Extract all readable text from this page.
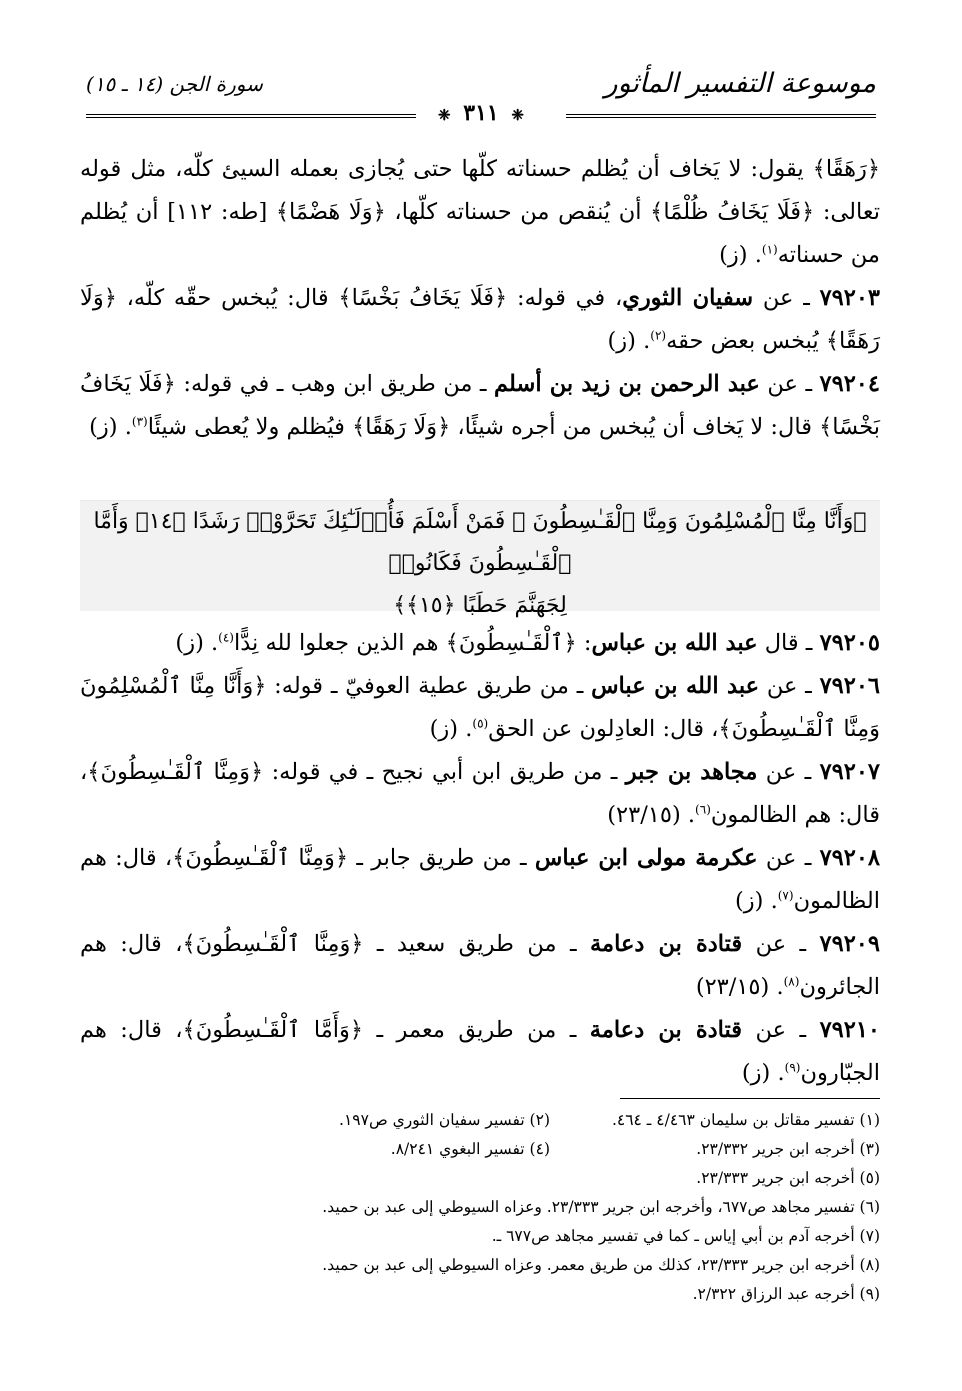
موسوعة التفسير المأثور
سورة الجن (١٤ ـ ١٥)
❈ ٣١١ ❈

﴿رَهَقًا﴾ يقول: لا يَخاف أن يُظلم حسناته كلّها حتى يُجازى بعمله السيئ كلّه، مثل قوله تعالى: ﴿فَلَا يَخَافُ ظُلْمًا﴾ أن يُنقص من حسناته كلّها، ﴿وَلَا هَضْمًا﴾ [طه: ١١٢] أن يُظلم من حسناته$^{(١)}$. (ز)

٧٩٢٠٣ ـ عن سفيان الثوري، في قوله: ﴿فَلَا يَخَافُ بَخْسًا﴾ قال: يُبخس حقّه كلّه، ﴿وَلَا رَهَقًا﴾ يُبخس بعض حقه$^{(٢)}$. (ز)

٧٩٢٠٤ ـ عن عبد الرحمن بن زيد بن أسلم ـ من طريق ابن وهب ـ في قوله: ﴿فَلَا يَخَافُ بَخْسًا﴾ قال: لا يَخاف أن يُبخس من أجره شيئًا، ﴿وَلَا رَهَقًا﴾ فيُظلم ولا يُعطى شيئًا$^{(٣)}$. (ز)

﴿وَأَنَّا مِنَّا ٱلْمُسْلِمُونَ وَمِنَّا ٱلْقَـٰسِطُونَ ۖ فَمَنْ أَسْلَمَ فَأُو۟لَـٰٓئِكَ تَحَرَّوْا۟ رَشَدًا ﴿١٤﴾ وَأَمَّا ٱلْقَـٰسِطُونَ فَكَانُوا۟
لِجَهَنَّمَ حَطَبًا ﴿١٥﴾﴾

٧٩٢٠٥ ـ قال عبد الله بن عباس: ﴿ٱلْقَـٰسِطُونَ﴾ هم الذين جعلوا لله نِدًّا$^{(٤)}$. (ز)

٧٩٢٠٦ ـ عن عبد الله بن عباس ـ من طريق عطية العوفيّ ـ قوله: ﴿وَأَنَّا مِنَّا ٱلْمُسْلِمُونَ وَمِنَّا ٱلْقَـٰسِطُونَ﴾، قال: العادِلون عن الحق$^{(٥)}$. (ز)

٧٩٢٠٧ ـ عن مجاهد بن جبر ـ من طريق ابن أبي نجيح ـ في قوله: ﴿وَمِنَّا ٱلْقَـٰسِطُونَ﴾، قال: هم الظالمون$^{(٦)}$. (٢٣/١٥)

٧٩٢٠٨ ـ عن عكرمة مولى ابن عباس ـ من طريق جابر ـ ﴿وَمِنَّا ٱلْقَـٰسِطُونَ﴾، قال: هم الظالمون$^{(٧)}$. (ز)

٧٩٢٠٩ ـ عن قتادة بن دعامة ـ من طريق سعيد ـ ﴿وَمِنَّا ٱلْقَـٰسِطُونَ﴾، قال: هم الجائرون$^{(٨)}$. (٢٣/١٥)

٧٩٢١٠ ـ عن قتادة بن دعامة ـ من طريق معمر ـ ﴿وَأَمَّا ٱلْقَـٰسِطُونَ﴾، قال: هم الجبّارون$^{(٩)}$. (ز)

(١) تفسير مقاتل بن سليمان ٤/٤٦٣ ـ ٤٦٤.
(٢) تفسير سفيان الثوري ص١٩٧.
(٣) أخرجه ابن جرير ٢٣/٣٣٢.
(٤) تفسير البغوي ٨/٢٤١.
(٥) أخرجه ابن جرير ٢٣/٣٣٣.
(٦) تفسير مجاهد ص٦٧٧، وأخرجه ابن جرير ٢٣/٣٣٣. وعزاه السيوطي إلى عبد بن حميد.
(٧) أخرجه آدم بن أبي إياس ـ كما في تفسير مجاهد ص٦٧٧ ـ.
(٨) أخرجه ابن جرير ٢٣/٣٣٣، كذلك من طريق معمر. وعزاه السيوطي إلى عبد بن حميد.
(٩) أخرجه عبد الرزاق ٢/٣٢٢.
